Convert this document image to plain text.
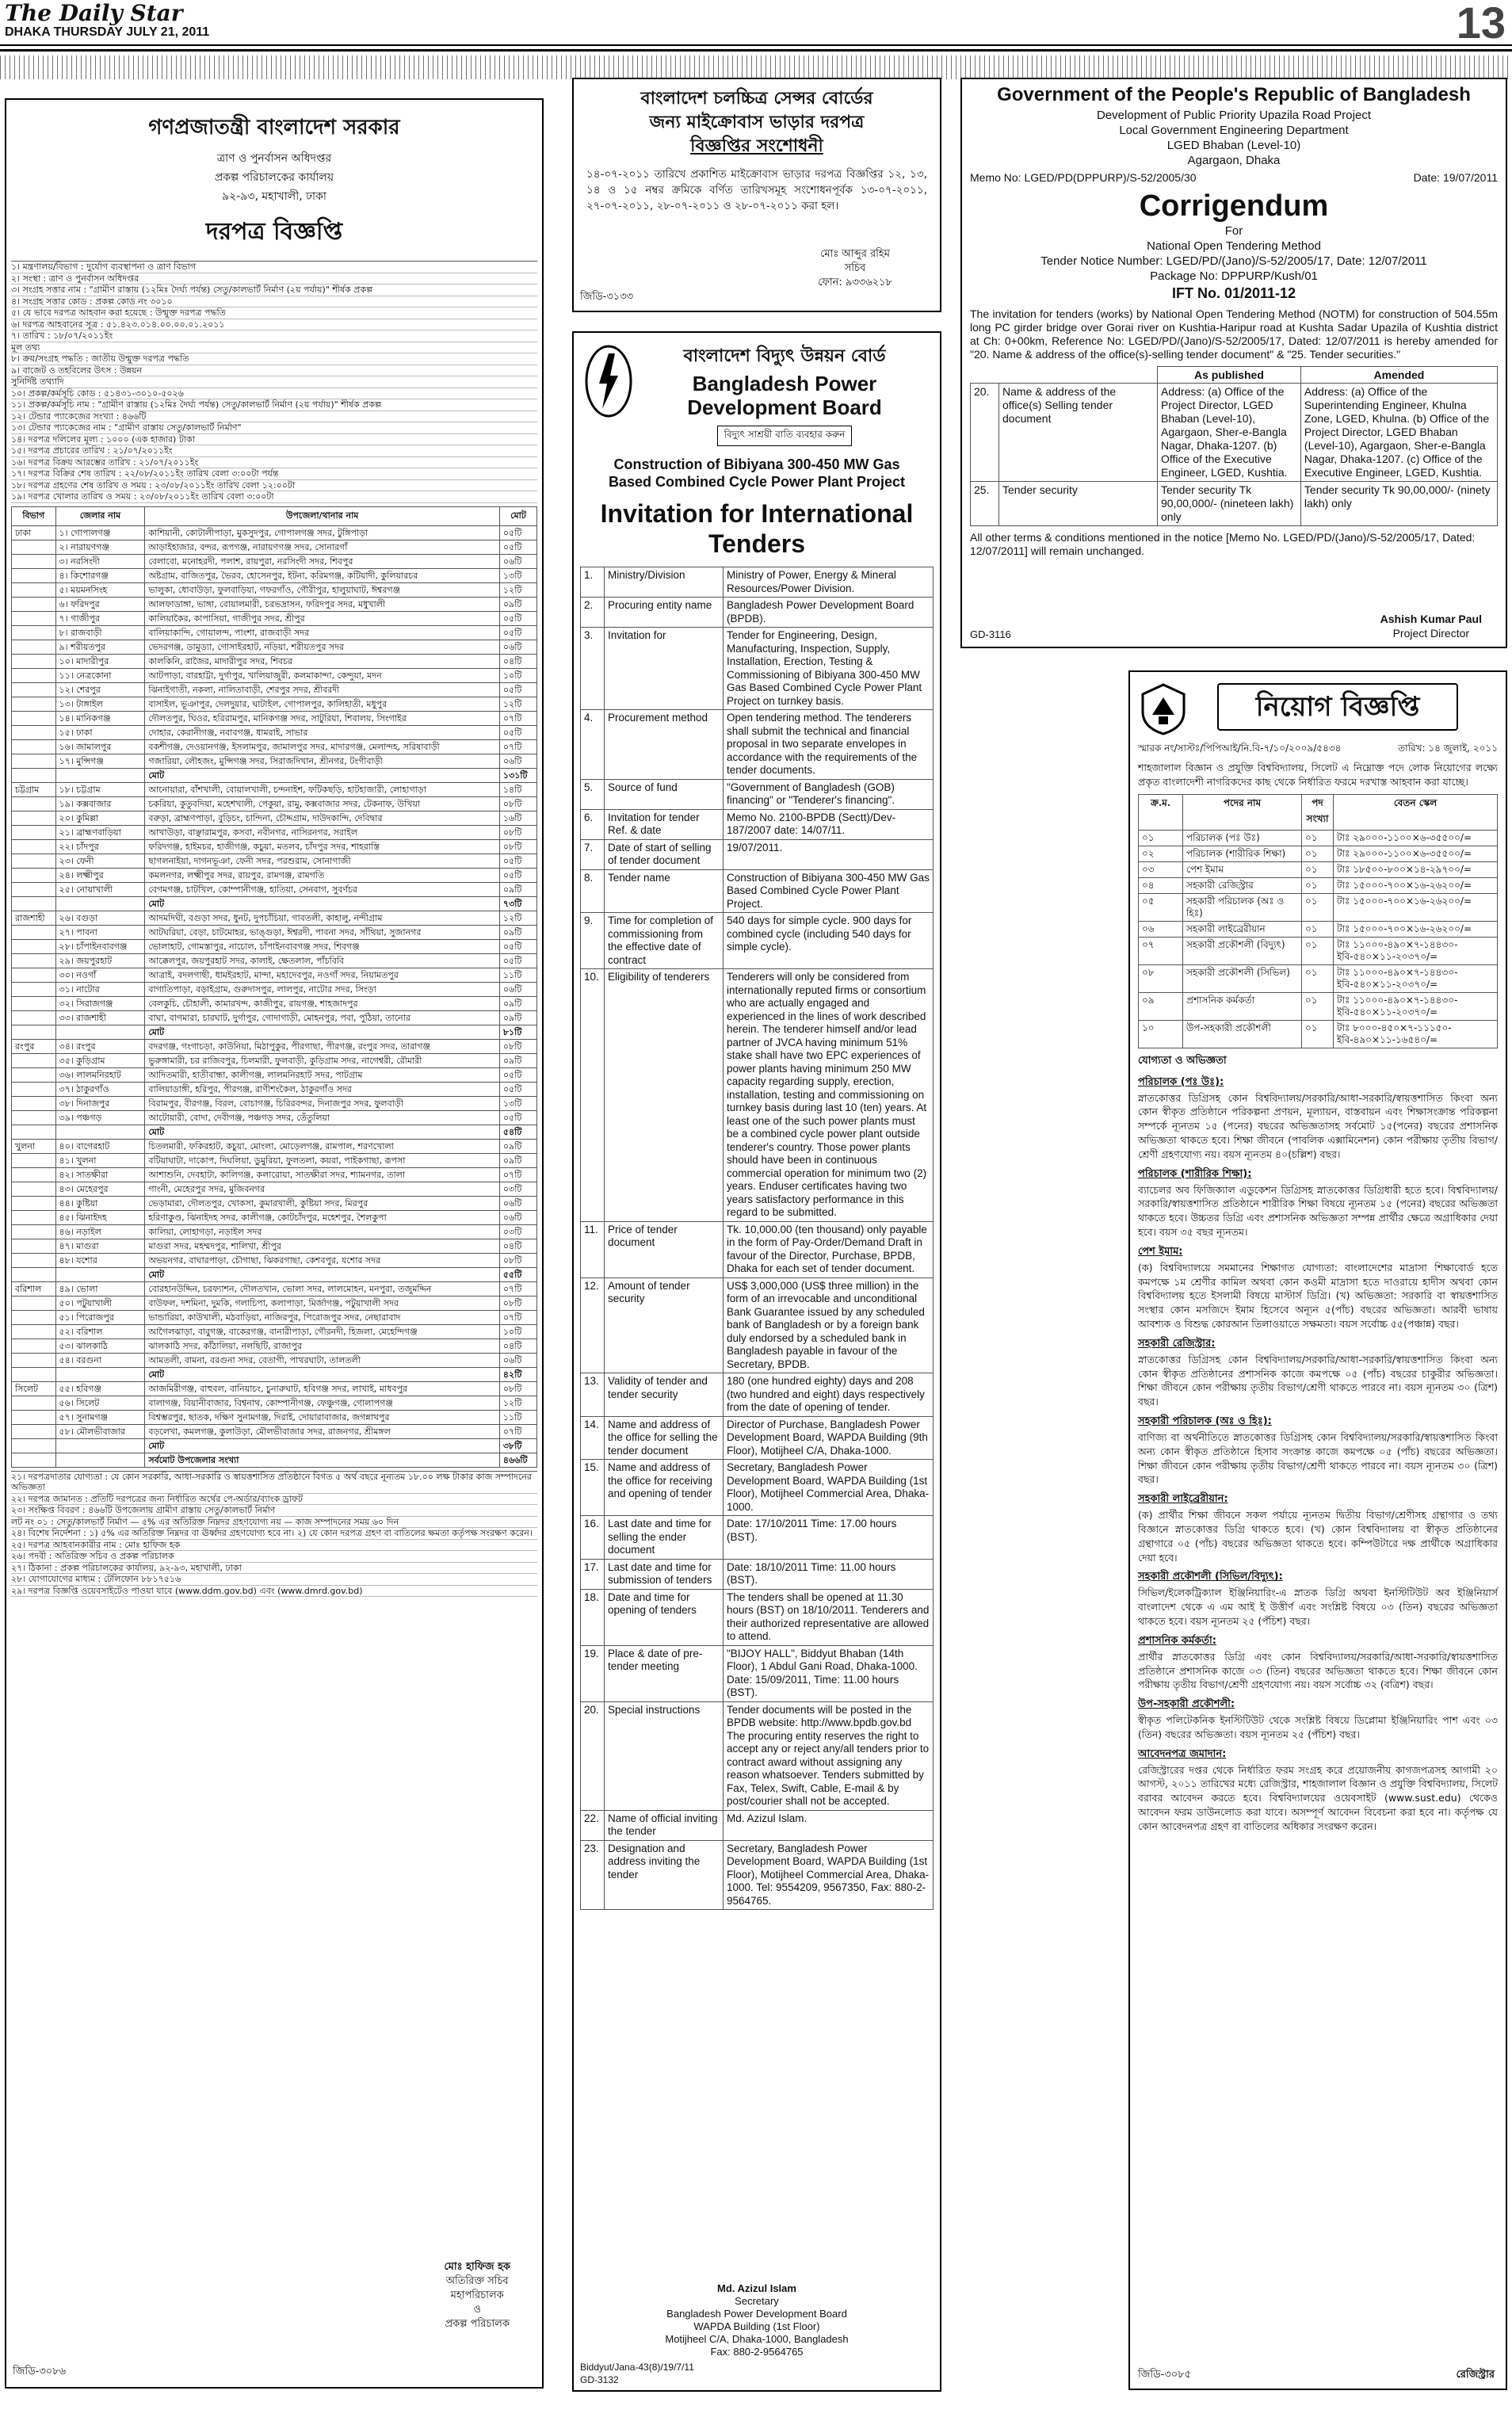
The Daily Star
DHAKA THURSDAY JULY 21, 2011	13
গণপ্রজাতন্ত্রী বাংলাদেশ সরকার
ত্রাণ ও পুনর্বাসন অধিদপ্তর
প্রকল্প পরিচালকের কার্যালয়
৯২-৯৩, মহাখালী, ঢাকা
দরপত্র বিজ্ঞপ্তি
১। মন্ত্রণালয়/বিভাগ : দুর্যোগ ব্যবস্থাপনা ও ত্রাণ বিভাগ
২। সংস্থা : ত্রাণ ও পুনর্বাসন অধিদপ্তর
৩। সংগ্রহ সত্তার নাম : "গ্রামীণ রাস্তায় (১২মিঃ দৈর্ঘ্য পর্যন্ত) সেতু/কালভার্ট নির্মাণ (২য় পর্যায়)" শীর্ষক প্রকল্প
৪। সংগ্রহ সত্তার কোড : প্রকল্প কোড নং ৩০১০
৫। যে ভাবে দরপত্র আহবান করা হয়েছে : উন্মুক্ত দরপত্র পদ্ধতি
৬। দরপত্র আহবানের সূত্র : ৫১.৪২৩.০১৪.০০.০০.০১.২০১১
৭। তারিখ : ১৮/০৭/২০১১ইং
মূল তথ্য
৮। ক্রয়/সংগ্রহ পদ্ধতি : জাতীয় উন্মুক্ত দরপত্র পদ্ধতি
৯। বাজেট ও তহবিলের উৎস : উন্নয়ন
সুনির্দিষ্ট তথ্যাদি
১০। প্রকল্প/কর্মসূচি কোড : ৫১৪৩১-৩০১০-৫০২৬
১১। প্রকল্প/কর্মসূচি নাম : "গ্রামীণ রাস্তায় (১২মিঃ দৈর্ঘ্য পর্যন্ত) সেতু/কালভার্ট নির্মাণ (২য় পর্যায়)" শীর্ষক প্রকল্প
১২। টেন্ডার প্যাকেজের সংখ্যা : ৪৬৬টি
১৩। টেন্ডার প্যাকেজের নাম : "গ্রামীণ রাস্তায় সেতু/কালভার্ট নির্মাণ"
১৪। দরপত্র দলিলের মূল্য : ১০০০ (এক হাজার) টাকা
১৫। দরপত্র প্রচারের তারিখ : ২১/০৭/২০১১ইং
১৬। দরপত্র বিক্রয় আরম্ভের তারিখ : ২১/০৭/২০১১ইং
১৭। দরপত্র বিক্রির শেষ তারিখ : ২২/০৮/২০১১ইং তারিখ বেলা ৩:০০টা পর্যন্ত
১৮। দরপত্র গ্রহণের শেষ তারিখ ও সময় : ২৩/০৮/২০১১ইং তারিখ বেলা ১২:০০টা
১৯। দরপত্র খোলার তারিখ ও সময় : ২৩/০৮/২০১১ইং তারিখ বেলা ৩:০০টা
বিভাগ	জেলার নাম	উপজেলা/থানার নাম	মোট
ঢাকা	১। গোপালগঞ্জ	কাশিয়ানী, কোটালীপাড়া, মুকসুদপুর, গোপালগঞ্জ সদর, টুঙ্গিপাড়া	০৫টি
	২। নারায়ণগঞ্জ	আড়াইহাজার, বন্দর, রূপগঞ্জ, নারায়ণগঞ্জ সদর, সোনারগাঁ	০৫টি
	৩। নরসিংদী	বেলাবো, মনোহরদী, পলাশ, রায়পুরা, নরসিংদী সদর, শিবপুর	০৬টি
	৪। কিশোরগঞ্জ	অষ্টগ্রাম, বাজিতপুর, ভৈরব, হোসেনপুর, ইটনা, করিমগঞ্জ, কটিয়াদী, কুলিয়ারচর	১৩টি
	৫। ময়মনসিংহ	ভালুকা, ধোবাউড়া, ফুলবাড়িয়া, গফরগাঁও, গৌরীপুর, হালুয়াঘাট, ঈশ্বরগঞ্জ	১২টি
	৬। ফরিদপুর	আলফাডাঙ্গা, ভাঙ্গা, বোয়ালমারী, চরভদ্রাসন, ফরিদপুর সদর, মধুখালী	০৯টি
	৭। গাজীপুর	কালিয়াকৈর, কাপাসিয়া, গাজীপুর সদর, শ্রীপুর	০৫টি
	৮। রাজবাড়ী	বালিয়াকান্দি, গোয়ালন্দ, পাংশা, রাজবাড়ী সদর	০৫টি
	৯। শরীয়তপুর	ভেদরগঞ্জ, ডামুড্যা, গোসাইরহাট, নড়িয়া, শরীয়তপুর সদর	০৬টি
	১০। মাদারীপুর	কালকিনি, রাজৈর, মাদারীপুর সদর, শিবচর	০৪টি
	১১। নেত্রকোনা	আটপাড়া, বারহাট্টা, দুর্গাপুর, খালিয়াজুরী, কলমাকান্দা, কেন্দুয়া, মদন	১০টি
	১২। শেরপুর	ঝিনাইগাতী, নকলা, নালিতাবাড়ী, শেরপুর সদর, শ্রীবরদী	০৫টি
	১৩। টাঙ্গাইল	বাসাইল, ভূঞাপুর, দেলদুয়ার, ঘাটাইল, গোপালপুর, কালিহাতী, মধুপুর	১২টি
	১৪। মানিকগঞ্জ	দৌলতপুর, ঘিওর, হরিরামপুর, মানিকগঞ্জ সদর, সাটুরিয়া, শিবালয়, সিংগাইর	০৭টি
	১৫। ঢাকা	দোহার, কেরানীগঞ্জ, নবাবগঞ্জ, ধামরাই, সাভার	০৫টি
	১৬। জামালপুর	বকশীগঞ্জ, দেওয়ানগঞ্জ, ইসলামপুর, জামালপুর সদর, মাদারগঞ্জ, মেলান্দহ, সরিষাবাড়ী	০৭টি
	১৭। মুন্সিগঞ্জ	গজারিয়া, লৌহজং, মুন্সিগঞ্জ সদর, সিরাজদিখান, শ্রীনগর, টংগীবাড়ী	০৬টি
		মোট	১৩১টি
চট্টগ্রাম	১৮। চট্টগ্রাম	আনোয়ারা, বাঁশখালী, বোয়ালখালী, চন্দনাইশ, ফটিকছড়ি, হাটহাজারী, লোহাগাড়া	১৪টি
	১৯। কক্সবাজার	চকরিয়া, কুতুবদিয়া, মহেশখালী, পেকুয়া, রামু, কক্সবাজার সদর, টেকনাফ, উখিয়া	০৮টি
	২০। কুমিল্লা	বরুড়া, ব্রাহ্মণপাড়া, বুড়িচং, চান্দিনা, চৌদ্দগ্রাম, দাউদকান্দি, দেবিদ্বার	১৬টি
	২১। ব্রাহ্মণবাড়িয়া	আখাউড়া, বাঞ্ছারামপুর, কসবা, নবীনগর, নাসিরনগর, সরাইল	০৮টি
	২২। চাঁদপুর	ফরিদগঞ্জ, হাইমচর, হাজীগঞ্জ, কচুয়া, মতলব, চাঁদপুর সদর, শাহরাস্তি	০৮টি
	২৩। ফেনী	ছাগলনাইয়া, দাগনভূঞা, ফেনী সদর, পরশুরাম, সোনাগাজী	০৫টি
	২৪। লক্ষ্মীপুর	কমলনগর, লক্ষ্মীপুর সদর, রায়পুর, রামগঞ্জ, রামগতি	০৫টি
	২৫। নোয়াখালী	বেগমগঞ্জ, চাটখিল, কোম্পানীগঞ্জ, হাতিয়া, সেনবাগ, সুবর্ণচর	০৯টি
		মোট	৭৩টি
রাজশাহী	২৬। বগুড়া	আদমদিঘী, বগুড়া সদর, ধুনট, দুপচাঁচিয়া, গাবতলী, কাহালু, নন্দীগ্রাম	১২টি
	২৭। পাবনা	আটঘরিয়া, বেড়া, চাটমোহর, ভাঙ্গুড়া, ঈশ্বরদী, পাবনা সদর, সাঁথিয়া, সুজানগর	০৯টি
	২৮। চাঁপাইনবাবগঞ্জ	ভোলাহাট, গোমস্তাপুর, নাচোল, চাঁপাইনবাবগঞ্জ সদর, শিবগঞ্জ	০৫টি
	২৯। জয়পুরহাট	আক্কেলপুর, জয়পুরহাট সদর, কালাই, ক্ষেতলাল, পাঁচবিবি	০৫টি
	৩০। নওগাঁ	আত্রাই, বদলগাছী, ধামইরহাট, মান্দা, মহাদেবপুর, নওগাঁ সদর, নিয়ামতপুর	১১টি
	৩১। নাটোর	বাগাতিপাড়া, বড়াইগ্রাম, গুরুদাসপুর, লালপুর, নাটোর সদর, সিংড়া	০৬টি
	৩২। সিরাজগঞ্জ	বেলকুচি, চৌহালী, কামারখন্দ, কাজীপুর, রায়গঞ্জ, শাহজাদপুর	০৯টি
	৩৩। রাজশাহী	বাঘা, বাগমারা, চারঘাট, দুর্গাপুর, গোদাগাড়ী, মোহনপুর, পবা, পুঠিয়া, তানোর	০৯টি
		মোট	৮১টি
রংপুর	৩৪। রংপুর	বদরগঞ্জ, গংগাচড়া, কাউনিয়া, মিঠাপুকুর, পীরগাছা, পীরগঞ্জ, রংপুর সদর, তারাগঞ্জ	০৮টি
	৩৫। কুড়িগ্রাম	ভুরুঙ্গামারী, চর রাজিবপুর, চিলমারী, ফুলবাড়ী, কুড়িগ্রাম সদর, নাগেশ্বরী, রৌমারী	০৯টি
	৩৬। লালমনিরহাট	আদিতমারী, হাতীবান্ধা, কালীগঞ্জ, লালমনিরহাট সদর, পাটগ্রাম	০৫টি
	৩৭। ঠাকুরগাঁও	বালিয়াডাঙ্গী, হরিপুর, পীরগঞ্জ, রাণীশংকৈল, ঠাকুরগাঁও সদর	০৫টি
	৩৮। দিনাজপুর	বিরামপুর, বীরগঞ্জ, বিরল, বোচাগঞ্জ, চিরিরবন্দর, দিনাজপুর সদর, ফুলবাড়ী	১৩টি
	৩৯। পঞ্চগড়	আটোয়ারী, বোদা, দেবীগঞ্জ, পঞ্চগড় সদর, তেঁতুলিয়া	০৫টি
		মোট	৫৪টি
খুলনা	৪০। বাগেরহাট	চিতলমারী, ফকিরহাট, কচুয়া, মোংলা, মোড়েলগঞ্জ, রামপাল, শরণখোলা	০৯টি
	৪১। খুলনা	বটিয়াঘাটা, দাকোপ, দিঘলিয়া, ডুমুরিয়া, ফুলতলা, কয়রা, পাইকগাছা, রূপসা	০৯টি
	৪২। সাতক্ষীরা	আশাশুনি, দেবহাটা, কালিগঞ্জ, কলারোয়া, সাতক্ষীরা সদর, শ্যামনগর, তালা	০৭টি
	৪৩। মেহেরপুর	গাংনী, মেহেরপুর সদর, মুজিবনগর	০৩টি
	৪৪। কুষ্টিয়া	ভেড়ামারা, দৌলতপুর, খোকসা, কুমারখালী, কুষ্টিয়া সদর, মিরপুর	০৬টি
	৪৫। ঝিনাইদহ	হরিণাকুণ্ড, ঝিনাইদহ সদর, কালীগঞ্জ, কোটচাঁদপুর, মহেশপুর, শৈলকুপা	০৬টি
	৪৬। নড়াইল	কালিয়া, লোহাগড়া, নড়াইল সদর	০৩টি
	৪৭। মাগুরা	মাগুরা সদর, মহম্মদপুর, শালিখা, শ্রীপুর	০৪টি
	৪৮। যশোর	অভয়নগর, বাঘারপাড়া, চৌগাছা, ঝিকরগাছা, কেশবপুর, যশোর সদর	০৮টি
		মোট	৫৫টি
বরিশাল	৪৯। ভোলা	বোরহানউদ্দিন, চরফ্যাশন, দৌলতখান, ভোলা সদর, লালমোহন, মনপুরা, তজুমদ্দিন	০৭টি
	৫০। পটুয়াখালী	বাউফল, দশমিনা, দুমকি, গলাচিপা, কলাপাড়া, মির্জাগঞ্জ, পটুয়াখালী সদর	০৮টি
	৫১। পিরোজপুর	ভান্ডারিয়া, কাউখালী, মঠবাড়িয়া, নাজিরপুর, পিরোজপুর সদর, নেছারাবাদ	০৭টি
	৫২। বরিশাল	আগৈলঝাড়া, বাবুগঞ্জ, বাকেরগঞ্জ, বানারীপাড়া, গৌরনদী, হিজলা, মেহেন্দিগঞ্জ	১০টি
	৫৩। ঝালকাঠি	ঝালকাঠি সদর, কাঁঠালিয়া, নলছিটি, রাজাপুর	০৪টি
	৫৪। বরগুনা	আমতলী, বামনা, বরগুনা সদর, বেতাগী, পাথরঘাটা, তালতলী	০৬টি
		মোট	৪২টি
সিলেট	৫৫। হবিগঞ্জ	আজমিরীগঞ্জ, বাহুবল, বানিয়াচং, চুনারুঘাট, হবিগঞ্জ সদর, লাখাই, মাধবপুর	০৮টি
	৫৬। সিলেট	বালাগঞ্জ, বিয়ানীবাজার, বিশ্বনাথ, কোম্পানীগঞ্জ, ফেঞ্চুগঞ্জ, গোলাপগঞ্জ	১২টি
	৫৭। সুনামগঞ্জ	বিশ্বম্ভরপুর, ছাতক, দক্ষিণ সুনামগঞ্জ, দিরাই, দোয়ারাবাজার, জগন্নাথপুর	১১টি
	৫৮। মৌলভীবাজার	বড়লেখা, কমলগঞ্জ, কুলাউড়া, মৌলভীবাজার সদর, রাজনগর, শ্রীমঙ্গল	০৭টি
		মোট	৩৮টি
		সর্বমোট উপজেলার সংখ্যা	৪৬৬টি
২১। দরপত্রদাতার যোগ্যতা : যে কোন সরকারি, আধা-সরকারি ও স্বায়ত্তশাসিত প্রতিষ্ঠানে বিগত ৫ অর্থ বছরে নূন্যতম ১৮.০০ লক্ষ টাকার কাজ সম্পাদনের অভিজ্ঞতা
২২। দরপত্র জামানত : প্রতিটি দরপত্রের জন্য নির্ধারিত অর্থের পে-অর্ডার/ব্যাংক ড্রাফট
২৩। সংক্ষিপ্ত বিবরণ : ৪৬৬টি উপজেলায় গ্রামীণ রাস্তায় সেতু/কালভার্ট নির্মাণ
লট নং ০১ : সেতু/কালভার্ট নির্মাণ — ৫% এর অতিরিক্ত নিম্নদর গ্রহণযোগ্য নয় — কাজ সম্পাদনের সময় ৬০ দিন
২৪। বিশেষ নির্দেশনা : ১) ৫% এর অতিরিক্ত নিম্নদর বা ঊর্ধ্বদর গ্রহণযোগ্য হবে না। ২) যে কোন দরপত্র গ্রহণ বা বাতিলের ক্ষমতা কর্তৃপক্ষ সংরক্ষণ করেন।
২৫। দরপত্র আহবানকারীর নাম : মোঃ হাফিজ হক
২৬। পদবী : অতিরিক্ত সচিব ও প্রকল্প পরিচালক
২৭। ঠিকানা : প্রকল্প পরিচালকের কার্যালয়, ৯২-৯৩, মহাখালী, ঢাকা
২৮। যোগাযোগের মাধ্যম : টেলিফোন ৮৮১৭৫১৬
২৯। দরপত্র বিজ্ঞপ্তি ওয়েবসাইটেও পাওয়া যাবে (www.ddm.gov.bd) এবং (www.dmrd.gov.bd)
মোঃ হাফিজ হক
অতিরিক্ত সচিব
মহাপরিচালক
ও
প্রকল্প পরিচালক
জিডি-৩০৮৬
বাংলাদেশ চলচ্চিত্র সেন্সর বোর্ডের
জন্য মাইক্রোবাস ভাড়ার দরপত্র
বিজ্ঞপ্তির সংশোধনী
১৪-০৭-২০১১ তারিখে প্রকাশিত মাইক্রোবাস ভাড়ার দরপত্র বিজ্ঞপ্তির ১২, ১৩, ১৪ ও ১৫ নম্বর ক্রমিকে বর্ণিত তারিখসমূহ সংশোধনপূর্বক ১৩-০৭-২০১১, ২৭-০৭-২০১১, ২৮-০৭-২০১১ ও ২৮-০৭-২০১১ করা হল।
মোঃ আব্দুর রহিম
সচিব
ফোন: ৯৩৩৬২১৮
জিডি-৩১৩৩
বাংলাদেশ বিদ্যুৎ উন্নয়ন বোর্ড
Bangladesh Power
Development Board
বিদ্যুৎ সাশ্রয়ী বাতি ব্যবহার করুন
Construction of Bibiyana 300-450 MW Gas
Based Combined Cycle Power Plant Project
Invitation for International
Tenders
1.	Ministry/Division	Ministry of Power, Energy & Mineral Resources/Power Division.
2.	Procuring entity name	Bangladesh Power Development Board (BPDB).
3.	Invitation for	Tender for Engineering, Design, Manufacturing, Inspection, Supply, Installation, Erection, Testing & Commissioning of Bibiyana 300-450 MW Gas Based Combined Cycle Power Plant Project on turnkey basis.
4.	Procurement method	Open tendering method. The tenderers shall submit the technical and financial proposal in two separate envelopes in accordance with the requirements of the tender documents.
5.	Source of fund	"Government of Bangladesh (GOB) financing" or "Tenderer's financing".
6.	Invitation for tender Ref. & date	Memo No. 2100-BPDB (Sectt)/Dev-187/2007 date: 14/07/11.
7.	Date of start of selling of tender document	19/07/2011.
8.	Tender name	Construction of Bibiyana 300-450 MW Gas Based Combined Cycle Power Plant Project.
9.	Time for completion of commissioning from the effective date of contract	540 days for simple cycle. 900 days for combined cycle (including 540 days for simple cycle).
10.	Eligibility of tenderers	Tenderers will only be considered from internationally reputed firms or consortium who are actually engaged and experienced in the lines of work described herein. The tenderer himself and/or lead partner of JVCA having minimum 51% stake shall have two EPC experiences of power plants having minimum 250 MW capacity regarding supply, erection, installation, testing and commissioning on turnkey basis during last 10 (ten) years. At least one of the such power plants must be a combined cycle power plant outside tenderer's country. Those power plants should have been in continuous commercial operation for minimum two (2) years. Enduser certificates having two years satisfactory performance in this regard to be submitted.
11.	Price of tender document	Tk. 10,000.00 (ten thousand) only payable in the form of Pay-Order/Demand Draft in favour of the Director, Purchase, BPDB, Dhaka for each set of tender document.
12.	Amount of tender security	US$ 3,000,000 (US$ three million) in the form of an irrevocable and unconditional Bank Guarantee issued by any scheduled bank of Bangladesh or by a foreign bank duly endorsed by a scheduled bank in Bangladesh payable in favour of the Secretary, BPDB.
13.	Validity of tender and tender security	180 (one hundred eighty) days and 208 (two hundred and eight) days respectively from the date of opening of tender.
14.	Name and address of the office for selling the tender document	Director of Purchase, Bangladesh Power Development Board, WAPDA Building (9th Floor), Motijheel C/A, Dhaka-1000.
15.	Name and address of the office for receiving and opening of tender	Secretary, Bangladesh Power Development Board, WAPDA Building (1st Floor), Motijheel Commercial Area, Dhaka-1000.
16.	Last date and time for selling the ender document	Date: 17/10/2011 Time: 17.00 hours (BST).
17.	Last date and time for submission of tenders	Date: 18/10/2011 Time: 11.00 hours (BST).
18.	Date and time for opening of tenders	The tenders shall be opened at 11.30 hours (BST) on 18/10/2011. Tenderers and their authorized representative are allowed to attend.
19.	Place & date of pre-tender meeting	"BIJOY HALL", Biddyut Bhaban (14th Floor), 1 Abdul Gani Road, Dhaka-1000. Date: 15/09/2011, Time: 11.00 hours (BST).
20.	Special instructions	Tender documents will be posted in the BPDB website: http://www.bpdb.gov.bd The procuring entity reserves the right to accept any or reject any/all tenders prior to contract award without assigning any reason whatsoever. Tenders submitted by Fax, Telex, Swift, Cable, E-mail & by post/courier shall not be accepted.
22.	Name of official inviting the tender	Md. Azizul Islam.
23.	Designation and address inviting the tender	Secretary, Bangladesh Power Development Board, WAPDA Building (1st Floor), Motijheel Commercial Area, Dhaka-1000. Tel: 9554209, 9567350, Fax: 880-2-9564765.
Md. Azizul Islam
Secretary
Bangladesh Power Development Board
WAPDA Building (1st Floor)
Motijheel C/A, Dhaka-1000, Bangladesh
Fax: 880-2-9564765
Biddyut/Jana-43(8)/19/7/11
GD-3132
Government of the People's Republic of Bangladesh
Development of Public Priority Upazila Road Project
Local Government Engineering Department
LGED Bhaban (Level-10)
Agargaon, Dhaka
Memo No: LGED/PD(DPPURP)/S-52/2005/30	Date: 19/07/2011
Corrigendum
For
National Open Tendering Method
Tender Notice Number: LGED/PD/(Jano)/S-52/2005/17, Date: 12/07/2011
Package No: DPPURP/Kush/01
IFT No. 01/2011-12
The invitation for tenders (works) by National Open Tendering Method (NOTM) for construction of 504.55m long PC girder bridge over Gorai river on Kushtia-Haripur road at Kushta Sadar Upazila of Kushtia district at Ch: 0+00km, Reference No: LGED/PD/(Jano)/S-52/2005/17, Dated: 12/07/2011 is hereby amended for "20. Name & address of the office(s)-selling tender document" & "25. Tender securities."
		As published	Amended
20.	Name & address of the office(s) Selling tender document	Address: (a) Office of the Project Director, LGED Bhaban (Level-10), Agargaon, Sher-e-Bangla Nagar, Dhaka-1207. (b) Office of the Executive Engineer, LGED, Kushtia.	Address: (a) Office of the Superintending Engineer, Khulna Zone, LGED, Khulna. (b) Office of the Project Director, LGED Bhaban (Level-10), Agargaon, Sher-e-Bangla Nagar, Dhaka-1207. (c) Office of the Executive Engineer, LGED, Kushtia.
25.	Tender security	Tender security Tk 90,00,000/- (nineteen lakh) only	Tender security Tk 90,00,000/- (ninety lakh) only
All other terms & conditions mentioned in the notice [Memo No. LGED/PD/(Jano)/S-52/2005/17, Dated: 12/07/2011] will remain unchanged.
Ashish Kumar Paul
Project Director
GD-3116
নিয়োগ বিজ্ঞপ্তি
স্মারক নং/সাস্টঃ/পিপিআই/নি.বি-৭/১০/২০০৯/৫৪৩৪	তারিখ: ১৪ জুলাই, ২০১১
শাহজালাল বিজ্ঞান ও প্রযুক্তি বিশ্ববিদ্যালয়, সিলেট এ নিম্নোক্ত পদে লোক নিয়োগের লক্ষ্যে প্রকৃত বাংলাদেশী নাগরিকদের কাছ থেকে নির্ধারিত ফরমে দরখাস্ত আহবান করা যাচ্ছে।
ক্র.ম.	পদের নাম	পদ সংখ্যা	বেতন স্কেল
০১	পরিচালক (পঃ উঃ)	০১	টাঃ ২৯০০০-১১০০×৬-৩৫৫০০/=
০২	পরিচালক (শারীরিক শিক্ষা)	০১	টাঃ ২৯০০০-১১০০×৬-৩৫৫০০/=
০৩	পেশ ইমাম	০১	টাঃ ১৮৫০০-৮০০×১৪-২৯৭০০/=
০৪	সহকারী রেজিস্ট্রার	০১	টাঃ ১৫০০০-৭০০×১৬-২৬২০০/=
০৫	সহকারী পরিচালক (অঃ ও হিঃ)	০১	টাঃ ১৫০০০-৭০০×১৬-২৬২০০/=
০৬	সহকারী লাইব্রেরীয়ান	০১	টাঃ ১৫০০০-৭০০×১৬-২৬২০০/=
০৭	সহকারী প্রকৌশলী (বিদ্যুৎ)	০১	টাঃ ১১০০০-৪৯০×৭-১৪৪৩০-ইবি-৫৪০×১১-২০৩৭০/=
০৮	সহকারী প্রকৌশলী (সিভিল)	০১	টাঃ ১১০০০-৪৯০×৭-১৪৪৩০-ইবি-৫৪০×১১-২০৩৭০/=
০৯	প্রশাসনিক কর্মকর্তা	০১	টাঃ ১১০০০-৪৯০×৭-১৪৪৩০-ইবি-৫৪০×১১-২০৩৭০/=
১০	উপ-সহকারী প্রকৌশলী	০১	টাঃ ৮০০০-৪৫০×৭-১১১৫০-ইবি-৪৯০×১১-১৬৫৪০/=
যোগ্যতা ও অভিজ্ঞতা
পরিচালক (পঃ উঃ):
স্নাতকোত্তর ডিগ্রিসহ কোন বিশ্ববিদ্যালয়/সরকারি/আধা-সরকারি/স্বায়ত্তশাসিত কিংবা অন্য কোন স্বীকৃত প্রতিষ্ঠানে পরিকল্পনা প্রণয়ন, মূল্যায়ন, বাস্তবায়ন এবং শিক্ষাসংক্রান্ত পরিকল্পনা সম্পর্কে ন্যূনতম ১৫ (পনের) বছরের অভিজ্ঞতাসহ সর্বমোট ১৫(পনের) বছরের প্রশাসনিক অভিজ্ঞতা থাকতে হবে। শিক্ষা জীবনে (পাবলিক এক্সামিনেশন) কোন পরীক্ষায় তৃতীয় বিভাগ/শ্রেণী গ্রহণযোগ্য নয়। বয়স ন্যূনতম ৪০(চল্লিশ) বছর।
পরিচালক (শারীরিক শিক্ষা):
ব্যাচেলর অব ফিজিক্যাল এডুকেশন ডিগ্রিসহ স্নাতকোত্তর ডিগ্রিধারী হতে হবে। বিশ্ববিদ্যালয়/সরকারি/স্বায়ত্তশাসিত প্রতিষ্ঠানে শারীরিক শিক্ষা বিষয়ে ন্যূনতম ১৫ (পনের) বছরের অভিজ্ঞতা থাকতে হবে। উচ্চতর ডিগ্রি এবং প্রশাসনিক অভিজ্ঞতা সম্পন্ন প্রার্থীর ক্ষেত্রে অগ্রাধিকার দেয়া হবে। বয়স ৩৫ বছর ন্যূনতম।
পেশ ইমাম:
(ক) বিশ্ববিদ্যালয়ে সমমানের শিক্ষাগত যোগ্যতা: বাংলাদেশের মাদ্রাসা শিক্ষাবোর্ড হতে কমপক্ষে ১ম শ্রেণীর কামিল অথবা কোন কওমী মাদ্রাসা হতে দাওরায়ে হাদীস অথবা কোন বিশ্ববিদ্যালয় হতে ইসলামী বিষয়ে মাস্টার্স ডিগ্রি। (খ) অভিজ্ঞতা: সরকারি বা স্বায়ত্তশাসিত সংস্থার কোন মসজিদে ইমাম হিসেবে অন্যূন ৫(পাঁচ) বছরের অভিজ্ঞতা। আরবী ভাষায় আবশ্যক ও বিশুদ্ধ কোরআন তিলাওয়াতে সক্ষমতা। বয়স সর্বোচ্চ ৫৫(পঞ্চান্ন) বছর।
সহকারী রেজিস্ট্রার:
স্নাতকোত্তর ডিগ্রিসহ কোন বিশ্ববিদ্যালয়/সরকারি/আধা-সরকারি/স্বায়ত্তশাসিত কিংবা অন্য কোন স্বীকৃত প্রতিষ্ঠানের প্রশাসনিক কাজে কমপক্ষে ০৫ (পাঁচ) বছরের চাকুরীর অভিজ্ঞতা। শিক্ষা জীবনে কোন পরীক্ষায় তৃতীয় বিভাগ/শ্রেণী থাকতে পারবে না। বয়স ন্যূনতম ৩০ (ত্রিশ) বছর।
সহকারী পরিচালক (অঃ ও হিঃ):
বাণিজ্য বা অর্থনীতিতে স্নাতকোত্তর ডিগ্রিসহ কোন বিশ্ববিদ্যালয়/সরকারি/স্বায়ত্তশাসিত কিংবা অন্য কোন স্বীকৃত প্রতিষ্ঠানে হিসাব সংক্রান্ত কাজে কমপক্ষে ০৫ (পাঁচ) বছরের অভিজ্ঞতা। শিক্ষা জীবনে কোন পরীক্ষায় তৃতীয় বিভাগ/শ্রেণী থাকতে পারবে না। বয়স ন্যূনতম ৩০ (ত্রিশ) বছর।
সহকারী লাইব্রেরীয়ান:
(ক) প্রার্থীর শিক্ষা জীবনে সকল পর্যায়ে ন্যূনতম দ্বিতীয় বিভাগ/শ্রেণীসহ গ্রন্থাগার ও তথ্য বিজ্ঞানে স্নাতকোত্তর ডিগ্রি থাকতে হবে। (খ) কোন বিশ্ববিদ্যালয় বা স্বীকৃত প্রতিষ্ঠানের গ্রন্থাগারে ০৫ (পাঁচ) বছরের অভিজ্ঞতা থাকতে হবে। কম্পিউটারে দক্ষ প্রার্থীকে অগ্রাধিকার দেয়া হবে।
সহকারী প্রকৌশলী (সিভিল/বিদ্যুৎ):
সিভিল/ইলেকট্রিক্যাল ইঞ্জিনিয়ারিং-এ স্নাতক ডিগ্রি অথবা ইনস্টিটিউট অব ইঞ্জিনিয়ার্স বাংলাদেশ থেকে এ এম আই ই উত্তীর্ণ এবং সংশ্লিষ্ট বিষয়ে ০৩ (তিন) বছরের অভিজ্ঞতা থাকতে হবে। বয়স ন্যূনতম ২৫ (পঁচিশ) বছর।
প্রশাসনিক কর্মকর্তা:
প্রার্থীর স্নাতকোত্তর ডিগ্রি এবং কোন বিশ্ববিদ্যালয়/সরকারি/আধা-সরকারি/স্বায়ত্তশাসিত প্রতিষ্ঠানে প্রশাসনিক কাজে ০৩ (তিন) বছরের অভিজ্ঞতা থাকতে হবে। শিক্ষা জীবনে কোন পরীক্ষায় তৃতীয় বিভাগ/শ্রেণী গ্রহণযোগ্য নয়। বয়স সর্বোচ্চ ৩২ (বত্রিশ) বছর।
উপ-সহকারী প্রকৌশলী:
স্বীকৃত পলিটেকনিক ইনস্টিটিউট থেকে সংশ্লিষ্ট বিষয়ে ডিপ্লোমা ইঞ্জিনিয়ারিং পাশ এবং ০৩ (তিন) বছরের অভিজ্ঞতা। বয়স ন্যূনতম ২৫ (পঁচিশ) বছর।
আবেদনপত্র জমাদান:
রেজিস্ট্রারের দপ্তর থেকে নির্ধারিত ফরম সংগ্রহ করে প্রয়োজনীয় কাগজপত্রসহ আগামী ২০ আগস্ট, ২০১১ তারিখের মধ্যে রেজিস্ট্রার, শাহজালাল বিজ্ঞান ও প্রযুক্তি বিশ্ববিদ্যালয়, সিলেট বরাবর আবেদন করতে হবে। বিশ্ববিদ্যালয়ের ওয়েবসাইট (www.sust.edu) থেকেও আবেদন ফরম ডাউনলোড করা যাবে। অসম্পূর্ণ আবেদন বিবেচনা করা হবে না। কর্তৃপক্ষ যে কোন আবেদনপত্র গ্রহণ বা বাতিলের অধিকার সংরক্ষণ করেন।
জিডি-৩০৮৫	রেজিস্ট্রার
